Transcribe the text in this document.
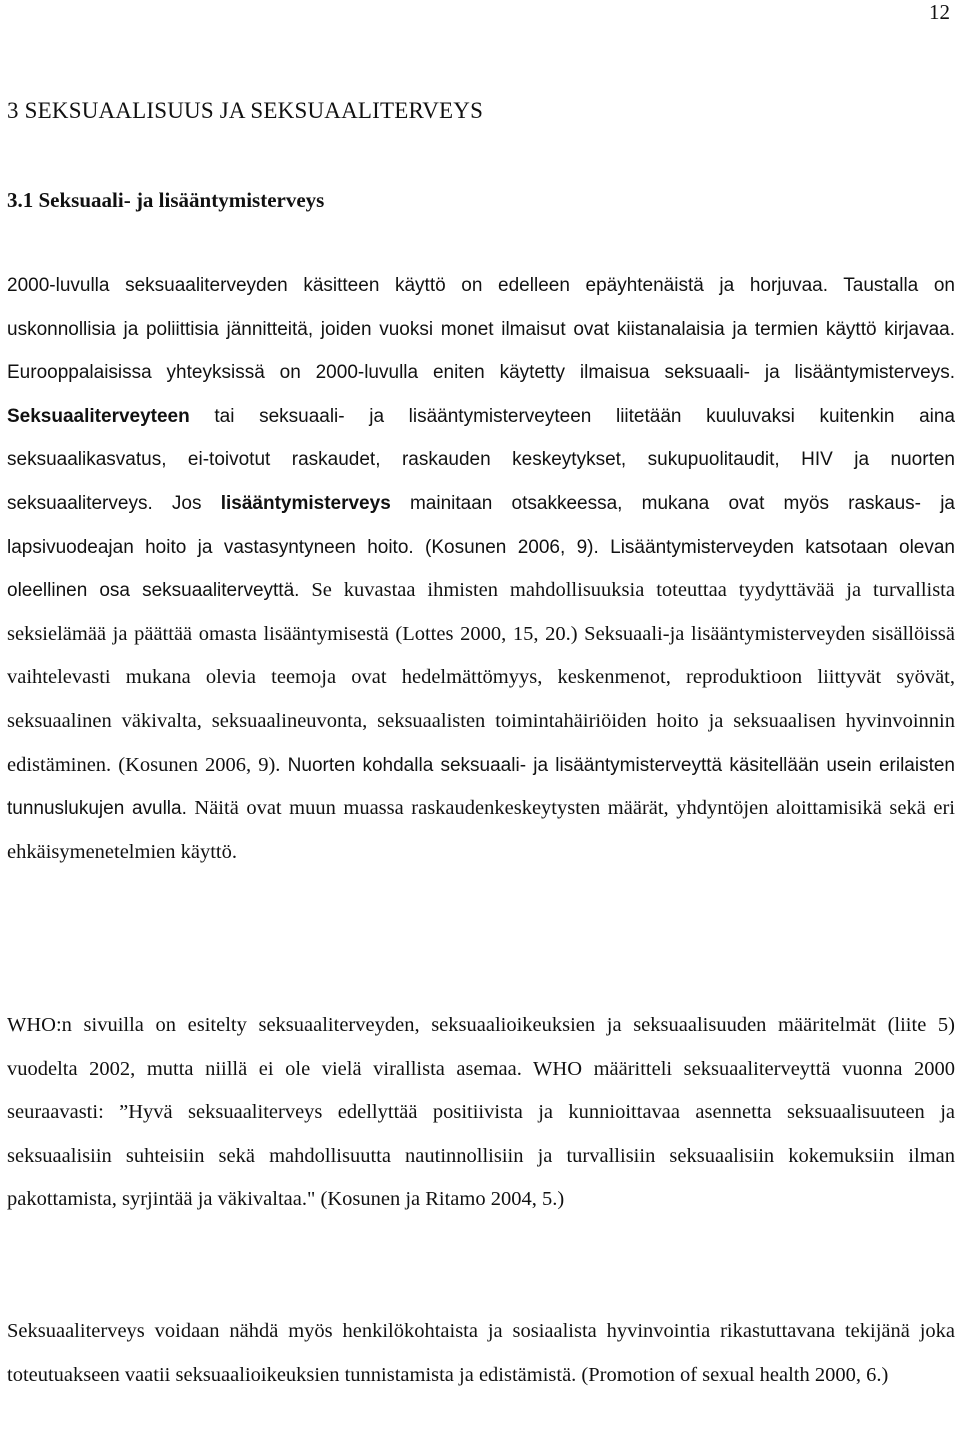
12
3 SEKSUAALISUUS JA SEKSUAALITERVEYS
3.1 Seksuaali- ja lisääntymisterveys

2000-luvulla seksuaaliterveyden käsitteen käyttö on edelleen epäyhtenäistä ja horjuvaa. Taustalla on uskonnollisia ja poliittisia jännitteitä, joiden vuoksi monet ilmaisut ovat kiistanalaisia ja termien käyttö kirjavaa. Eurooppalaisissa yhteyksissä on 2000-luvulla eniten käytetty ilmaisua seksuaali- ja lisääntymisterveys. Seksuaaliterveyteen tai seksuaali- ja lisääntymisterveyteen liitetään kuuluvaksi kuitenkin aina seksuaalikasvatus, ei-toivotut raskaudet, raskauden keskeytykset, sukupuolitaudit, HIV ja nuorten seksuaaliterveys. Jos lisääntymisterveys mainitaan otsakkeessa, mukana ovat myös raskaus- ja lapsivuodeajan hoito ja vastasyntyneen hoito. (Kosunen 2006, 9). Lisääntymisterveyden katsotaan olevan oleellinen osa seksuaaliterveyttä. Se kuvastaa ihmisten mahdollisuuksia toteuttaa tyydyttävää ja turvallista seksielämää ja päättää omasta lisääntymisestä (Lottes 2000, 15, 20.) Seksuaali-ja lisääntymisterveyden sisällöissä vaihtelevasti mukana olevia teemoja ovat hedelmättömyys, keskenmenot, reproduktioon liittyvät syövät, seksuaalinen väkivalta, seksuaalineuvonta, seksuaalisten toimintahäiriöiden hoito ja seksuaalisen hyvinvoinnin edistäminen. (Kosunen 2006, 9). Nuorten kohdalla seksuaali- ja lisääntymisterveyttä käsitellään usein erilaisten tunnuslukujen avulla. Näitä ovat muun muassa raskaudenkeskeytysten määrät, yhdyntöjen aloittamisikä sekä eri ehkäisymenetelmien käyttö.

WHO:n sivuilla on esitelty seksuaaliterveyden, seksuaalioikeuksien ja seksuaalisuuden määritelmät (liite 5) vuodelta 2002, mutta niillä ei ole vielä virallista asemaa. WHO määritteli seksuaaliterveyttä vuonna 2000 seuraavasti: ”Hyvä seksuaaliterveys edellyttää positiivista ja kunnioittavaa asennetta seksuaalisuuteen ja seksuaalisiin suhteisiin sekä mahdollisuutta nautinnollisiin ja turvallisiin seksuaalisiin kokemuksiin ilman pakottamista, syrjintää ja väkivaltaa." (Kosunen ja Ritamo 2004, 5.)

Seksuaaliterveys voidaan nähdä myös henkilökohtaista ja sosiaalista hyvinvointia rikastuttavana tekijänä joka toteutuakseen vaatii seksuaalioikeuksien tunnistamista ja edistämistä. (Promotion of sexual health 2000, 6.)
